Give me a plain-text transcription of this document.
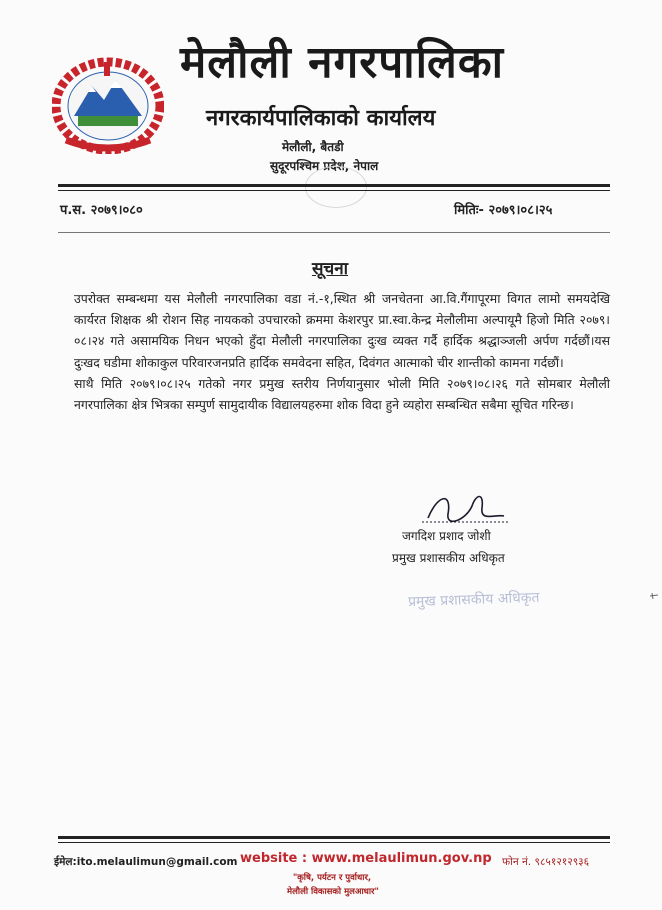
मेलौली नगरपालिका
नगरकार्यपालिकाको कार्यालय
मेलौली, बैतडी
सुदूरपश्चिम प्रदेश, नेपाल
प.स. २०७९।०८०	मितिः- २०७९।०८।२५
सूचना

उपरोक्त सम्बन्धमा यस मेलौली नगरपालिका वडा नं.-१,स्थित श्री जनचेतना आ.वि.गैंगापूरमा विगत लामो समयदेखि कार्यरत शिक्षक श्री रोशन सिह नायकको उपचारको क्रममा केशरपुर प्रा.स्वा.केन्द्र मेलौलीमा अल्पायूमै हिजो मिति २०७९।०८।२४ गते असामयिक निधन भएको हुँदा मेलौली नगरपालिका दुःख व्यक्त गर्दै हार्दिक श्रद्धाञ्जली अर्पण गर्दछौं।यस दुःखद घडीमा शोकाकुल परिवारजनप्रति हार्दिक समवेदना सहित, दिवंगत आत्माको चीर शान्तीको कामना गर्दछौं।

साथै मिति २०७९।०८।२५ गतेको नगर प्रमुख स्तरीय निर्णयानुसार भोली मिति २०७९।०८।२६ गते सोमबार मेलौली नगरपालिका क्षेत्र भित्रका सम्पुर्ण सामुदायीक विद्यालयहरुमा शोक विदा हुने व्यहोरा सम्बन्धित सबैमा सूचित गरिन्छ।

जगदिश प्रशाद जोशी
प्रमुख प्रशासकीय अधिकृत
प्रमुख प्रशासकीय अधिकृत
ईमेल:ito.melaulimun@gmail.com website : www.melaulimun.gov.np फोन नं. ९८५१२१२९३६
"कृषि, पर्यटन र पुर्वाधार,
मेलौली विकासको मुलआधार"
